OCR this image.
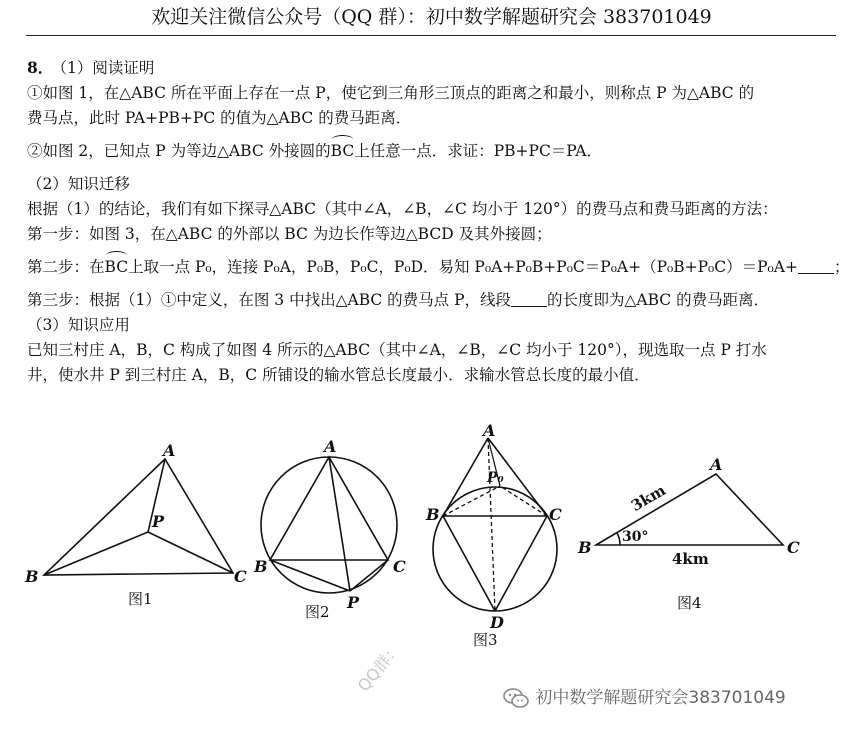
欢迎关注微信公众号（QQ 群）：初中数学解题研究会 383701049
8． （1）阅读证明
①如图 1，在△ABC 所在平面上存在一点 P，使它到三角形三顶点的距离之和最小，则称点 P 为△ABC 的
费马点，此时 PA+PB+PC 的值为△ABC 的费马距离．
②如图 2，已知点 P 为等边△ABC 外接圆的BC上任意一点．求证：PB+PC＝PA．
（2）知识迁移
根据（1）的结论，我们有如下探寻△ABC（其中∠A，∠B，∠C 均小于 120°）的费马点和费马距离的方法：
第一步：如图 3，在△ABC 的外部以 BC 为边长作等边△BCD 及其外接圆；
第二步：在BC上取一点 P₀，连接 P₀A，P₀B，P₀C，P₀D．易知 P₀A+P₀B+P₀C＝P₀A+（P₀B+P₀C）＝P₀A+ ；
第三步：根据（1）①中定义，在图 3 中找出△ABC 的费马点 P，线段 的长度即为△ABC 的费马距离．
（3）知识应用
已知三村庄 A，B，C 构成了如图 4 所示的△ABC（其中∠A，∠B，∠C 均小于 120°），现选取一点 P 打水
井，使水井 P 到三村庄 A，B，C 所铺设的输水管总长度最小．求输水管总长度的最小值．
A
B	C
P
图1
A
B	C
P
图2
A
B	C
D
P₀
图3
A
B	C
3km
4km
30°
图4
QQ群：
初中数学解题研究会383701049
